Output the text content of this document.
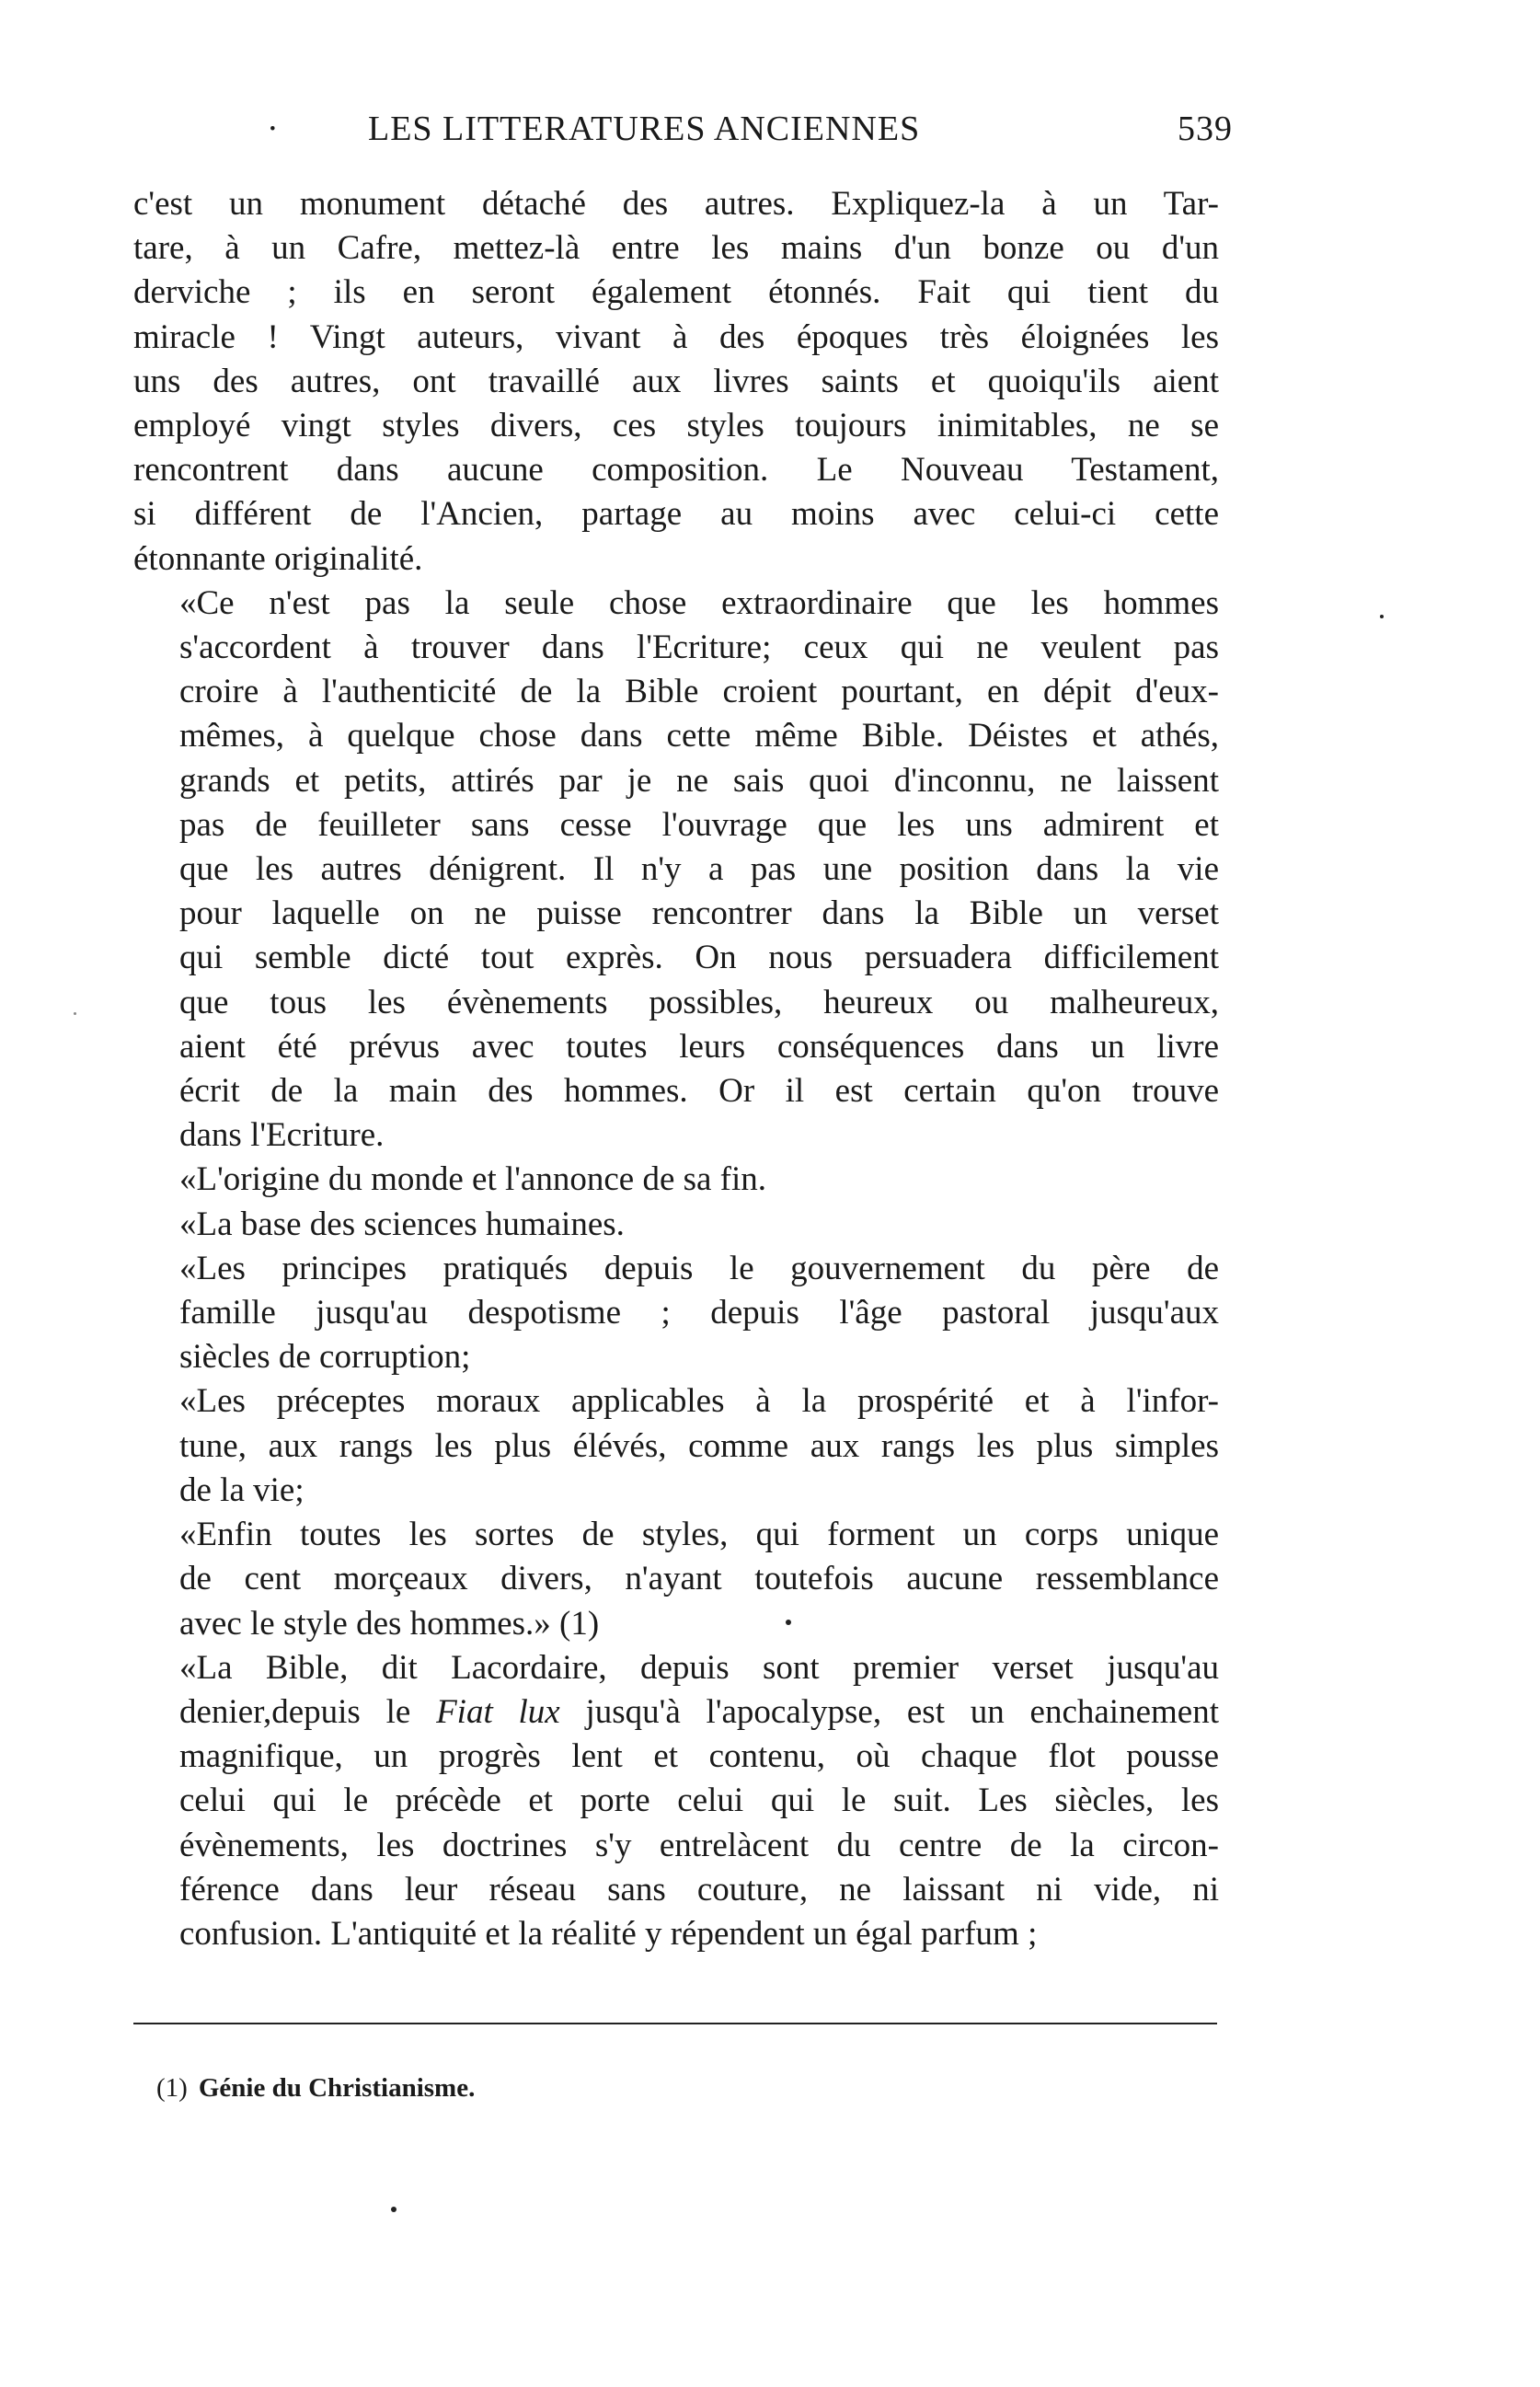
·	LES LITTERATURES ANCIENNES	539

c'est un monument détaché des autres. Expliquez-la à un Tar-
tare, à un Cafre, mettez-là entre les mains d'un bonze ou d'un
derviche ; ils en seront également étonnés. Fait qui tient du
miracle ! Vingt auteurs, vivant à des époques très éloignées les
uns des autres, ont travaillé aux livres saints et quoiqu'ils aient
employé vingt styles divers, ces styles toujours inimitables, ne se
rencontrent dans aucune composition. Le Nouveau Testament,
si différent de l'Ancien, partage au moins avec celui-ci cette
étonnante originalité.

«Ce n'est pas la seule chose extraordinaire que les hommes
s'accordent à trouver dans l'Ecriture; ceux qui ne veulent pas
croire à l'authenticité de la Bible croient pourtant, en dépit d'eux-
mêmes, à quelque chose dans cette même Bible. Déistes et athés,
grands et petits, attirés par je ne sais quoi d'inconnu, ne laissent
pas de feuilleter sans cesse l'ouvrage que les uns admirent et
que les autres dénigrent. Il n'y a pas une position dans la vie
pour laquelle on ne puisse rencontrer dans la Bible un verset
qui semble dicté tout exprès. On nous persuadera difficilement
que tous les évènements possibles, heureux ou malheureux,
aient été prévus avec toutes leurs conséquences dans un livre
écrit de la main des hommes. Or il est certain qu'on trouve
dans l'Ecriture.

«L'origine du monde et l'annonce de sa fin.

«La base des sciences humaines.

«Les principes pratiqués depuis le gouvernement du père de
famille jusqu'au despotisme ; depuis l'âge pastoral jusqu'aux
siècles de corruption;

«Les préceptes moraux applicables à la prospérité et à l'infor-
tune, aux rangs les plus élévés, comme aux rangs les plus simples
de la vie;

«Enfin toutes les sortes de styles, qui forment un corps unique
de cent morçeaux divers, n'ayant toutefois aucune ressemblance
avec le style des hommes.» (1)

«La Bible, dit Lacordaire, depuis sont premier verset jusqu'au
denier,depuis le Fiat lux jusqu'à l'apocalypse, est un enchainement
magnifique, un progrès lent et contenu, où chaque flot pousse
celui qui le précède et porte celui qui le suit. Les siècles, les
évènements, les doctrines s'y entrelàcent du centre de la circon-
férence dans leur réseau sans couture, ne laissant ni vide, ni
confusion. L'antiquité et la réalité y répendent un égal parfum ;

(1) Génie du Christianisme.
